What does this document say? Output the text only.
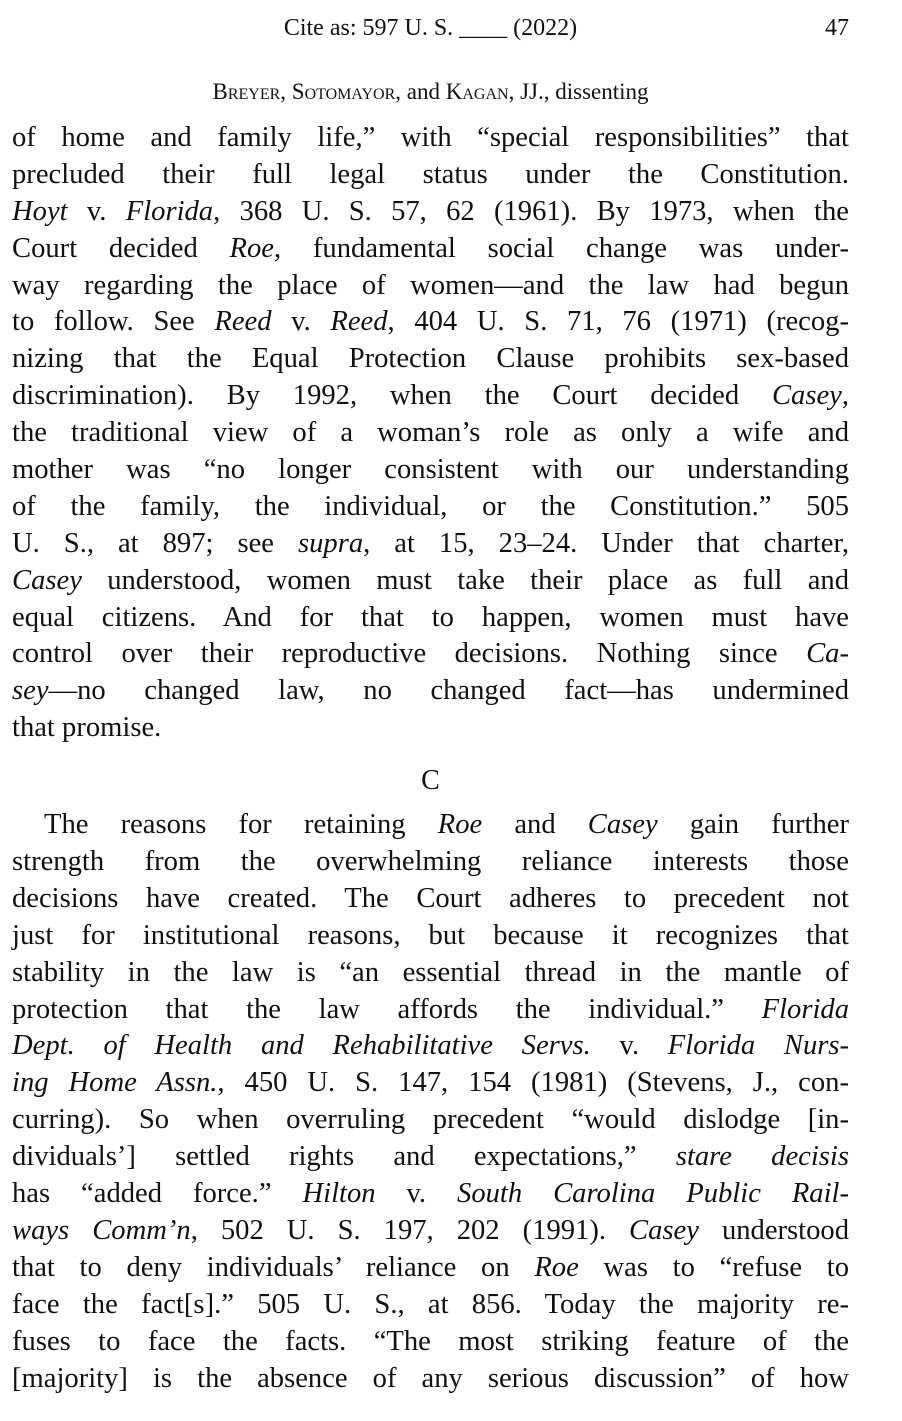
Cite as: 597 U. S. ____ (2022)	47
Breyer, Sotomayor, and Kagan, JJ., dissenting
of home and family life,” with “special responsibilities” that
precluded their full legal status under the Constitution.
Hoyt v. Florida, 368 U. S. 57, 62 (1961). By 1973, when the
Court decided Roe, fundamental social change was under-
way regarding the place of women—and the law had begun
to follow. See Reed v. Reed, 404 U. S. 71, 76 (1971) (recog-
nizing that the Equal Protection Clause prohibits sex-based
discrimination). By 1992, when the Court decided Casey,
the traditional view of a woman’s role as only a wife and
mother was “no longer consistent with our understanding
of the family, the individual, or the Constitution.” 505
U. S., at 897; see supra, at 15, 23–24. Under that charter,
Casey understood, women must take their place as full and
equal citizens. And for that to happen, women must have
control over their reproductive decisions. Nothing since Ca-
sey—no changed law, no changed fact—has undermined
that promise.
C
The reasons for retaining Roe and Casey gain further
strength from the overwhelming reliance interests those
decisions have created. The Court adheres to precedent not
just for institutional reasons, but because it recognizes that
stability in the law is “an essential thread in the mantle of
protection that the law affords the individual.” Florida
Dept. of Health and Rehabilitative Servs. v. Florida Nurs-
ing Home Assn., 450 U. S. 147, 154 (1981) (Stevens, J., con-
curring). So when overruling precedent “would dislodge [in-
dividuals’] settled rights and expectations,” stare decisis
has “added force.” Hilton v. South Carolina Public Rail-
ways Comm’n, 502 U. S. 197, 202 (1991). Casey understood
that to deny individuals’ reliance on Roe was to “refuse to
face the fact[s].” 505 U. S., at 856. Today the majority re-
fuses to face the facts. “The most striking feature of the
[majority] is the absence of any serious discussion” of how
